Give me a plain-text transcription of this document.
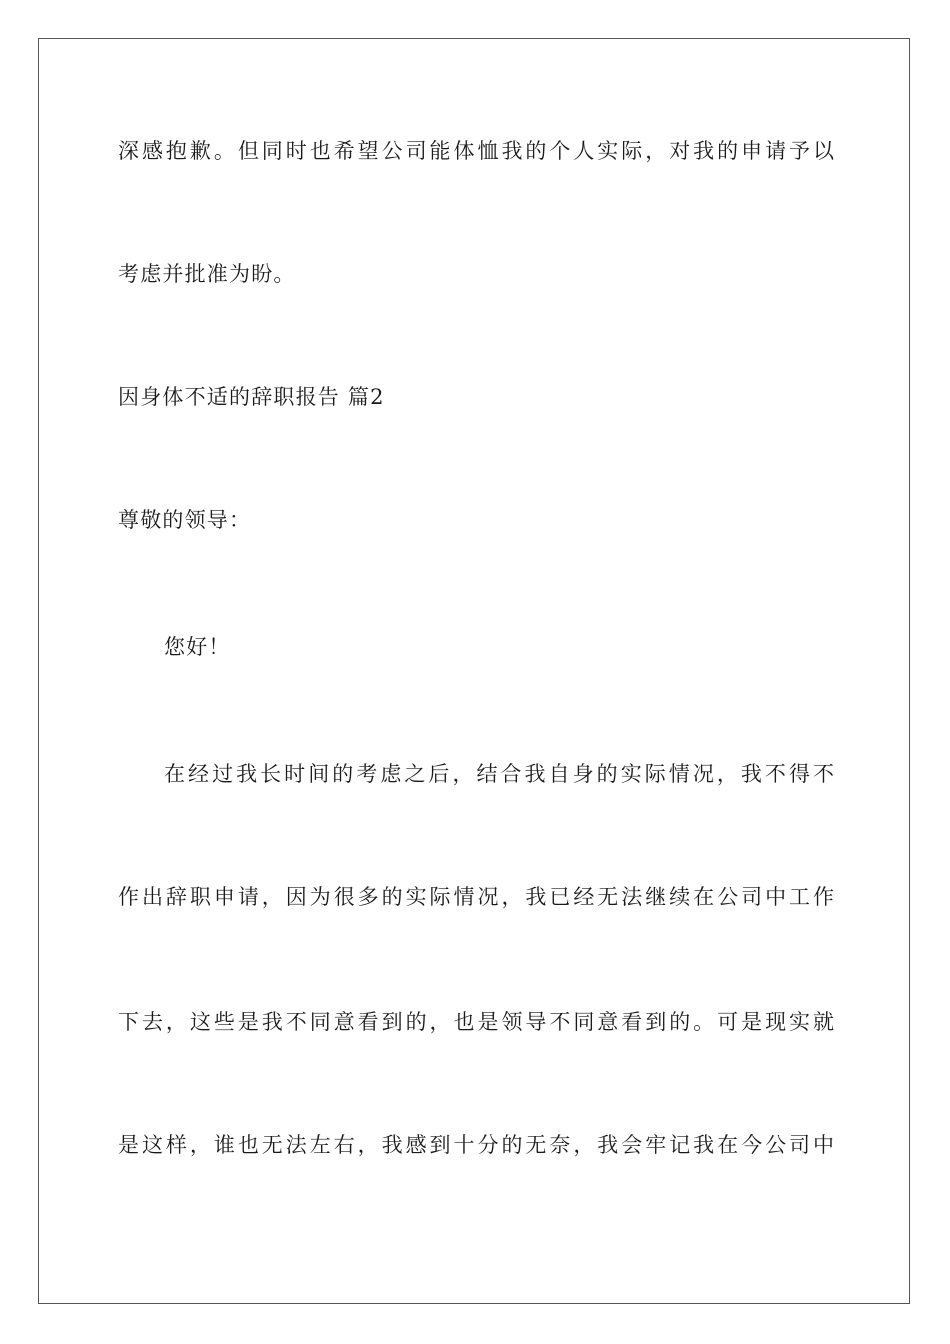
深感抱歉。但同时也希望公司能体恤我的个人实际，对我的申请予以
考虑并批准为盼。
因身体不适的辞职报告 篇2
尊敬的领导：
您好！
在经过我长时间的考虑之后，结合我自身的实际情况，我不得不
作出辞职申请，因为很多的实际情况，我已经无法继续在公司中工作
下去，这些是我不同意看到的，也是领导不同意看到的。可是现实就
是这样，谁也无法左右，我感到十分的无奈，我会牢记我在今公司中
